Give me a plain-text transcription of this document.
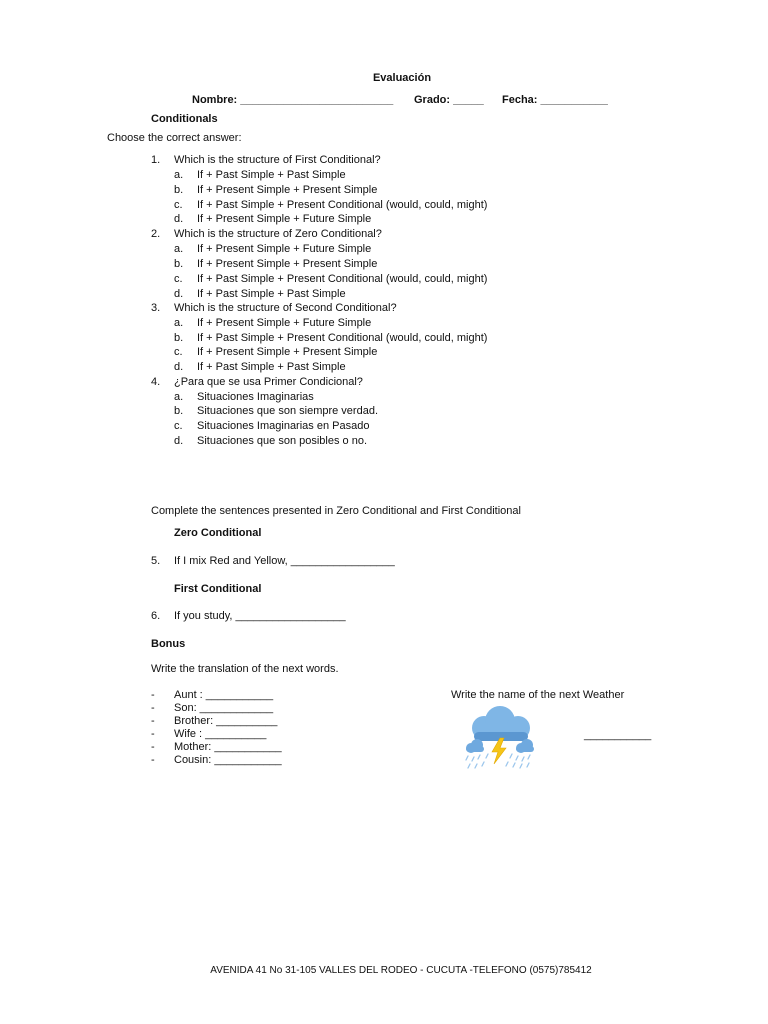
Evaluación
Nombre: _________________________ Grado: _____ Fecha: ___________
Conditionals
Choose the correct answer:
1. Which is the structure of First Conditional?
a. If + Past Simple + Past Simple
b. If + Present Simple + Present Simple
c. If + Past Simple + Present Conditional (would, could, might)
d. If + Present Simple + Future Simple
2. Which is the structure of Zero Conditional?
a. If + Present Simple + Future Simple
b. If + Present Simple + Present Simple
c. If + Past Simple + Present Conditional (would, could, might)
d. If + Past Simple + Past Simple
3. Which is the structure of Second Conditional?
a. If + Present Simple + Future Simple
b. If + Past Simple + Present Conditional (would, could, might)
c. If + Present Simple + Present Simple
d. If + Past Simple + Past Simple
4. ¿Para que se usa Primer Condicional?
a. Situaciones Imaginarias
b. Situaciones que son siempre verdad.
c. Situaciones Imaginarias en Pasado
d. Situaciones que son posibles o no.
Complete the sentences presented in Zero Conditional and First Conditional
Zero Conditional
5. If I mix Red and Yellow, _________________
First Conditional
6. If you study, __________________
Bonus
Write the translation of the next words.
- Aunt : ___________
- Son: ____________
- Brother: __________
- Wife : __________
- Mother: ___________
- Cousin: ___________
Write the name of the next Weather
___________
AVENIDA 41 No 31-105 VALLES DEL RODEO - CUCUTA -TELEFONO (0575)785412
